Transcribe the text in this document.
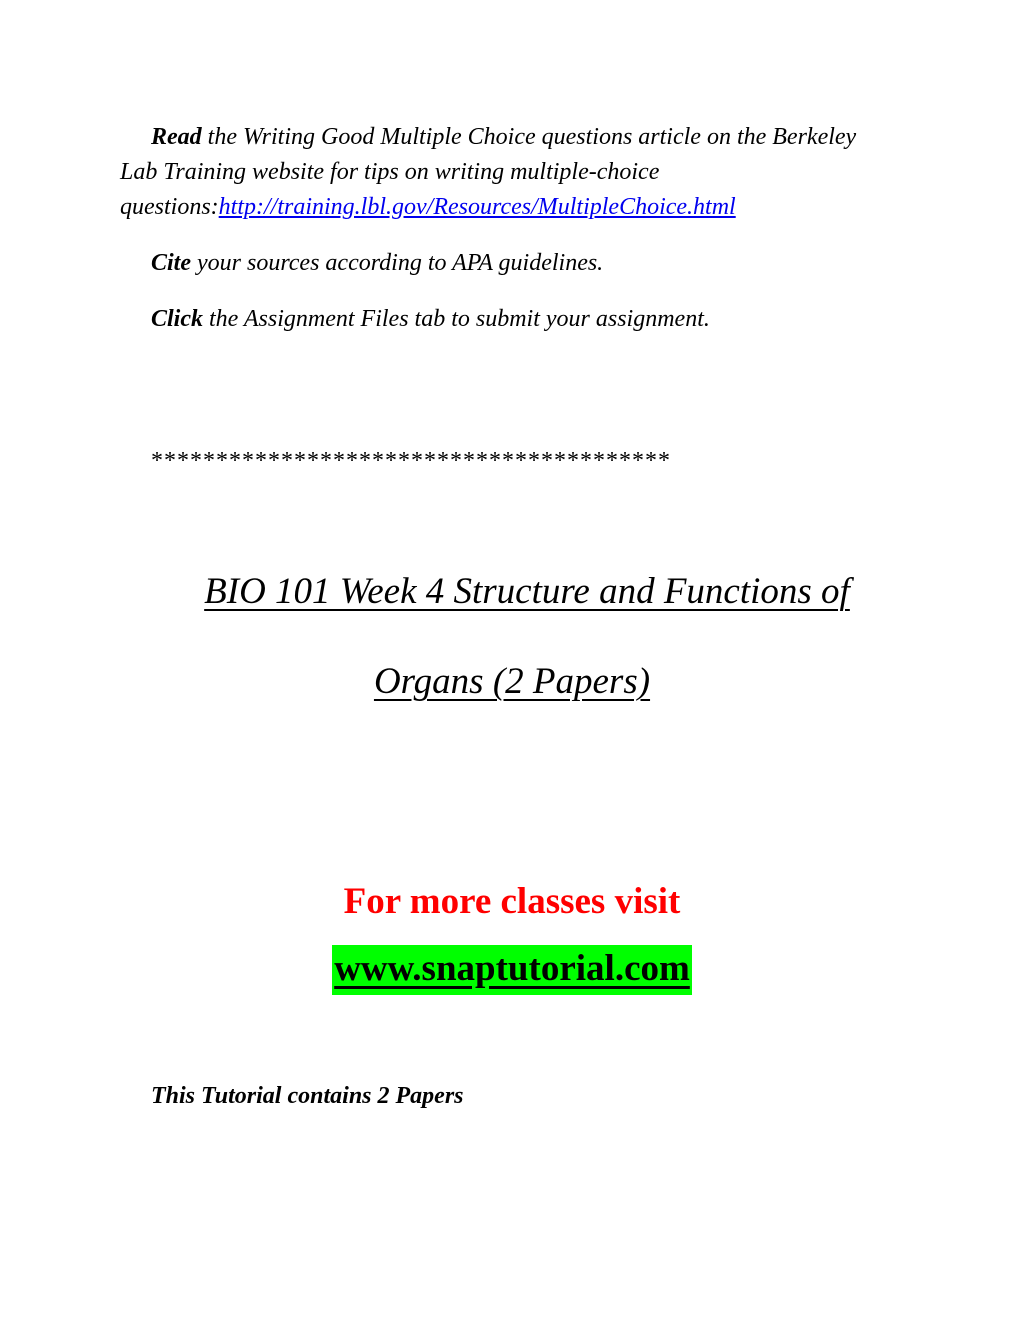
Read the Writing Good Multiple Choice questions article on the Berkeley Lab Training website for tips on writing multiple-choice questions:http://training.lbl.gov/Resources/MultipleChoice.html

Cite your sources according to APA guidelines.

Click the Assignment Files tab to submit your assignment.

****************************************
BIO 101 Week 4 Structure and Functions of
Organs (2 Papers)
For more classes visit
www.snaptutorial.com
This Tutorial contains 2 Papers
